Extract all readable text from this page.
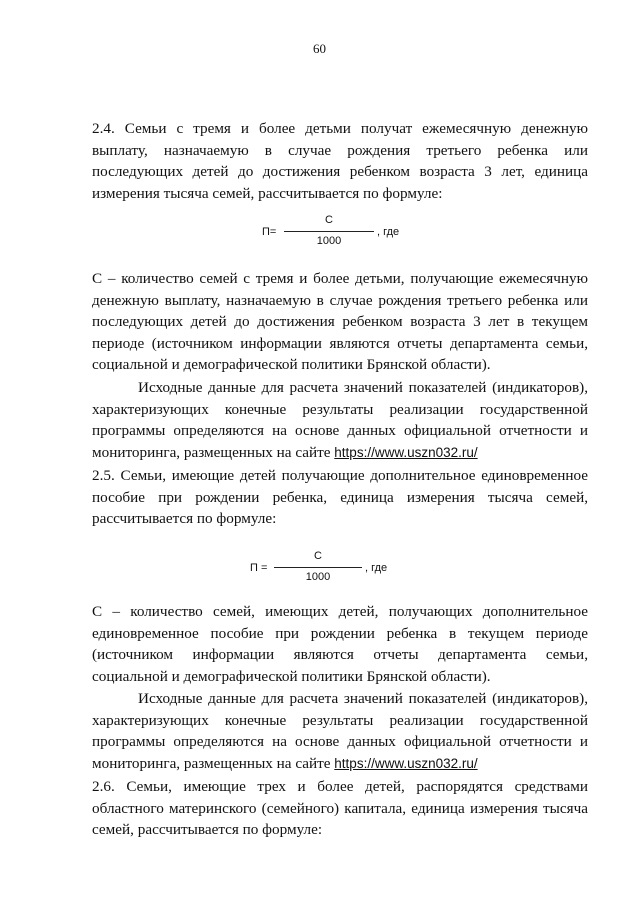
60

2.4. Семьи с тремя и более детьми получат ежемесячную денежную выплату, назначаемую в случае рождения третьего ребенка или последующих детей до достижения ребенком возраста 3 лет, единица измерения тысяча семей, рассчитывается по формуле:

П=
С
1000
, где

С – количество семей с тремя и более детьми, получающие ежемесячную денежную выплату, назначаемую в случае рождения третьего ребенка или последующих детей до достижения ребенком возраста 3 лет в текущем периоде (источником информации являются отчеты департамента семьи, социальной и демографической политики Брянской области).

Исходные данные для расчета значений показателей (индикаторов), характеризующих конечные результаты реализации государственной программы определяются на основе данных официальной отчетности и мониторинга, размещенных на сайте https://www.uszn032.ru/

2.5. Семьи, имеющие детей получающие дополнительное единовременное пособие при рождении ребенка, единица измерения тысяча семей, рассчитывается по формуле:

П =
С
1000
, где

С – количество семей, имеющих детей, получающих дополнительное единовременное пособие при рождении ребенка в текущем периоде (источником информации являются отчеты департамента семьи, социальной и демографической политики Брянской области).

Исходные данные для расчета значений показателей (индикаторов), характеризующих конечные результаты реализации государственной программы определяются на основе данных официальной отчетности и мониторинга, размещенных на сайте https://www.uszn032.ru/

2.6. Семьи, имеющие трех и более детей, распорядятся средствами областного материнского (семейного) капитала, единица измерения тысяча семей, рассчитывается по формуле:
